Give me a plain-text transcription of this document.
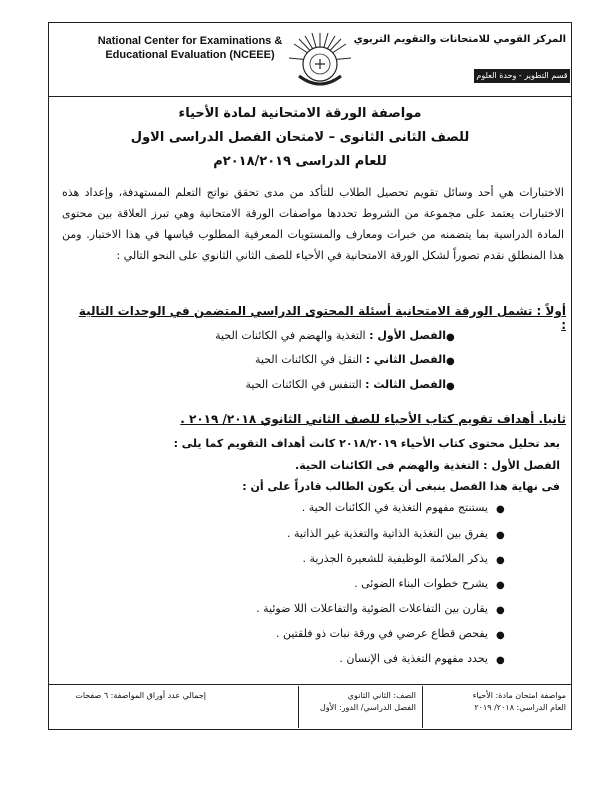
National Center for Examinations &
Educational Evaluation (NCEEE)
المركز القومي للامتحانات والتقويم التربوي
قسم التطوير - وحدة العلوم
مواصفة الورقة الامتحانية لمادة الأحياء
للصف الثانى الثانوى – لامتحان الفصل الدراسى الاول
للعام الدراسى ٢٠١٨/٢٠١٩م
الاختبارات هي أحد وسائل تقويم تحصيل الطلاب للتأكد من مدى تحقق نواتج التعلم المستهدفة، وإعداد هذه الاختبارات يعتمد على مجموعة من الشروط تحددها مواصفات الورقة الامتحانية وهي تبرز العلاقة بين محتوى المادة الدراسية بما يتضمنه من خبرات ومعارف والمستويات المعرفية المطلوب قياسها في هذا الاختبار. ومن هذا المنطلق نقدم تصوراً لشكل الورقة الامتحانية في الأحياء للصف الثاني الثانوي على النحو التالي :
أولاً : تشمل الورقة الامتحانية أسئلة المحتوى الدراسي المتضمن في الوحدات التالية :
الفصل الأول : التغذية والهضم في الكائنات الحية	●
الفصل الثاني : النقل في الكائنات الحية	●
الفصل الثالث : التنفس في الكائنات الحية	●
ثانيا. أهداف تقويم كتاب الأحياء للصف الثاني الثانوي ٢٠١٨/ ٢٠١٩ .
بعد تحليل محتوى كتاب الأحياء ٢٠١٨/٢٠١٩ كانت أهداف التقويم كما يلى :
الفصل الأول : التغذية والهضم فى الكائنات الحية.
فى نهاية هذا الفصل ينبغى أن يكون الطالب قادراً على أن :
يستنتج مفهوم التغذية في الكائنات الحية . ●
يفرق بين التغذية الذاتية والتغذية غير الذاتية . ●
يذكر الملائمة الوظيفية للشعيرة الجذرية . ●
يشرح خطوات البناء الضوئى . ●
يقارن بين التفاعلات الضوئية والتفاعلات اللا ضوئية . ●
يفحص قطاع عرضي في ورقة نبات ذو فلقتين . ●
يحدد مفهوم التغذية فى الإنسان . ●
مواصفة امتحان مادة: الأحياء
العام الدراسي: ٢٠١٨/ ٢٠١٩
الصف: الثاني الثانوي
الفصل الدراسي/ الدور: الأول
إجمالي عدد أوراق المواصفة: ٦ صفحات
